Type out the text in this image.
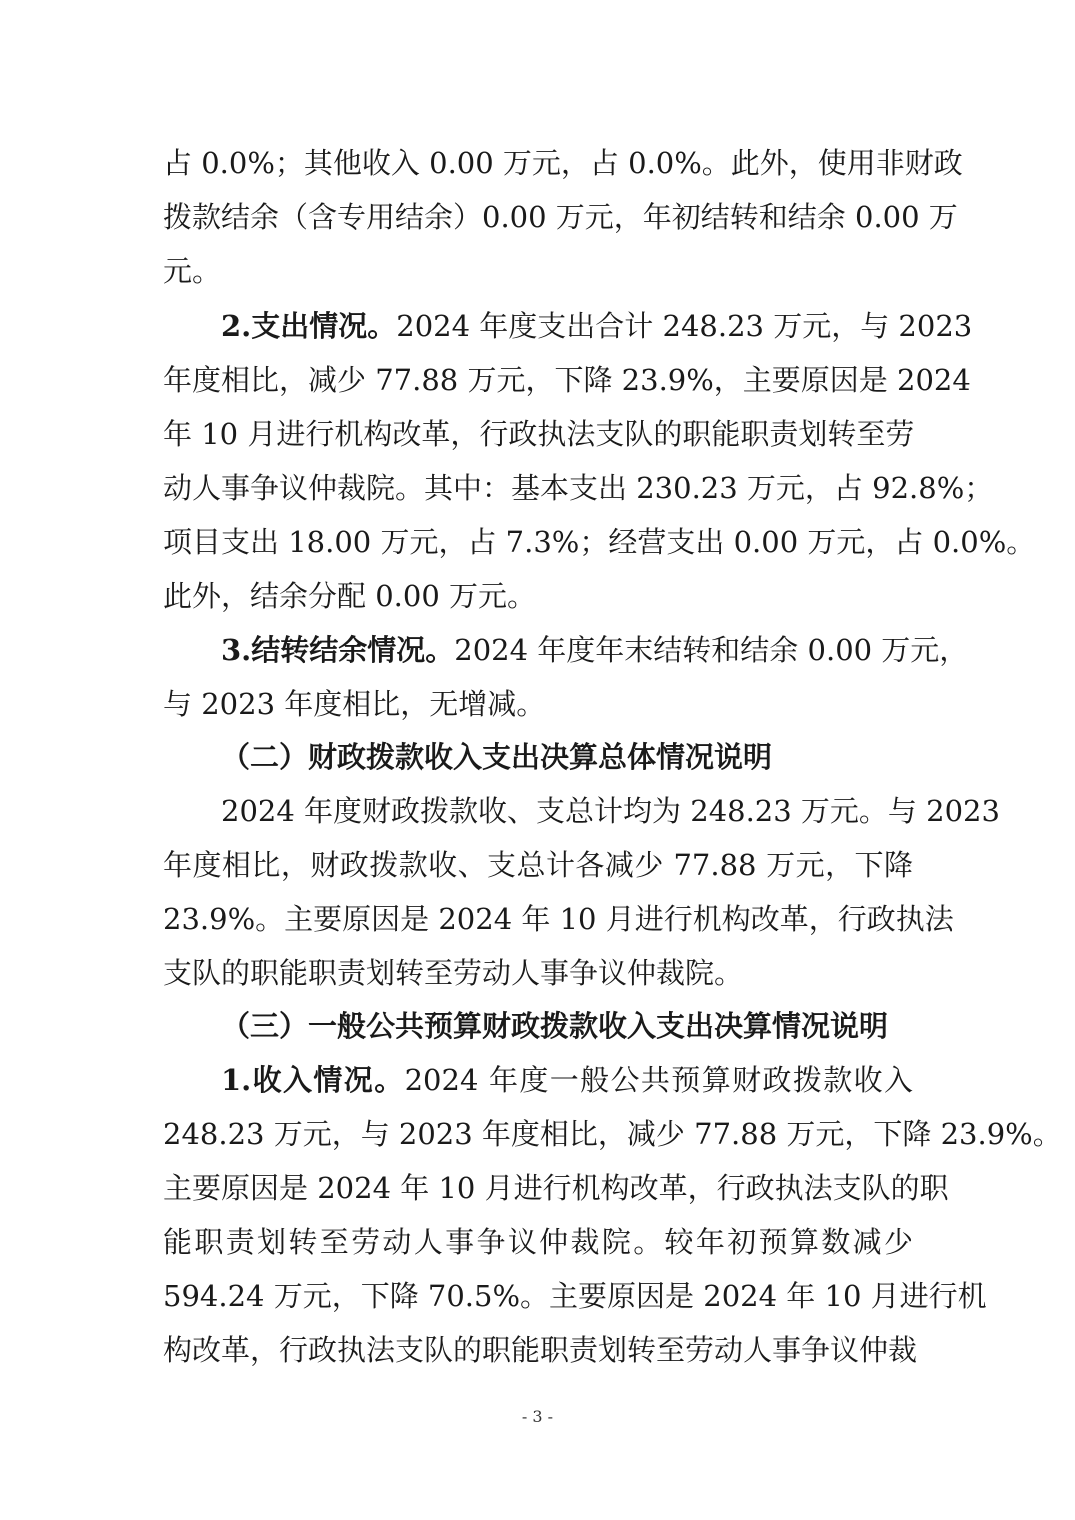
占 0.0%；其他收入 0.00 万元，占 0.0%。此外，使用非财政
拨款结余（含专用结余）0.00 万元，年初结转和结余 0.00 万
元。
2.支出情况。2024 年度支出合计 248.23 万元，与 2023
年度相比，减少 77.88 万元，下降 23.9%，主要原因是 2024
年 10 月进行机构改革，行政执法支队的职能职责划转至劳
动人事争议仲裁院。其中：基本支出 230.23 万元，占 92.8%；
项目支出 18.00 万元，占 7.3%；经营支出 0.00 万元，占 0.0%。
此外，结余分配 0.00 万元。
3.结转结余情况。2024 年度年末结转和结余 0.00 万元，
与 2023 年度相比，无增减。
（二）财政拨款收入支出决算总体情况说明
2024 年度财政拨款收、支总计均为 248.23 万元。与 2023
年度相比，财政拨款收、支总计各减少 77.88 万元，下降
23.9%。主要原因是 2024 年 10 月进行机构改革，行政执法
支队的职能职责划转至劳动人事争议仲裁院。
（三）一般公共预算财政拨款收入支出决算情况说明
1.收入情况。2024 年度一般公共预算财政拨款收入
248.23 万元，与 2023 年度相比，减少 77.88 万元，下降 23.9%。
主要原因是 2024 年 10 月进行机构改革，行政执法支队的职
能职责划转至劳动人事争议仲裁院。较年初预算数减少
594.24 万元，下降 70.5%。主要原因是 2024 年 10 月进行机
构改革，行政执法支队的职能职责划转至劳动人事争议仲裁
- 3 -
